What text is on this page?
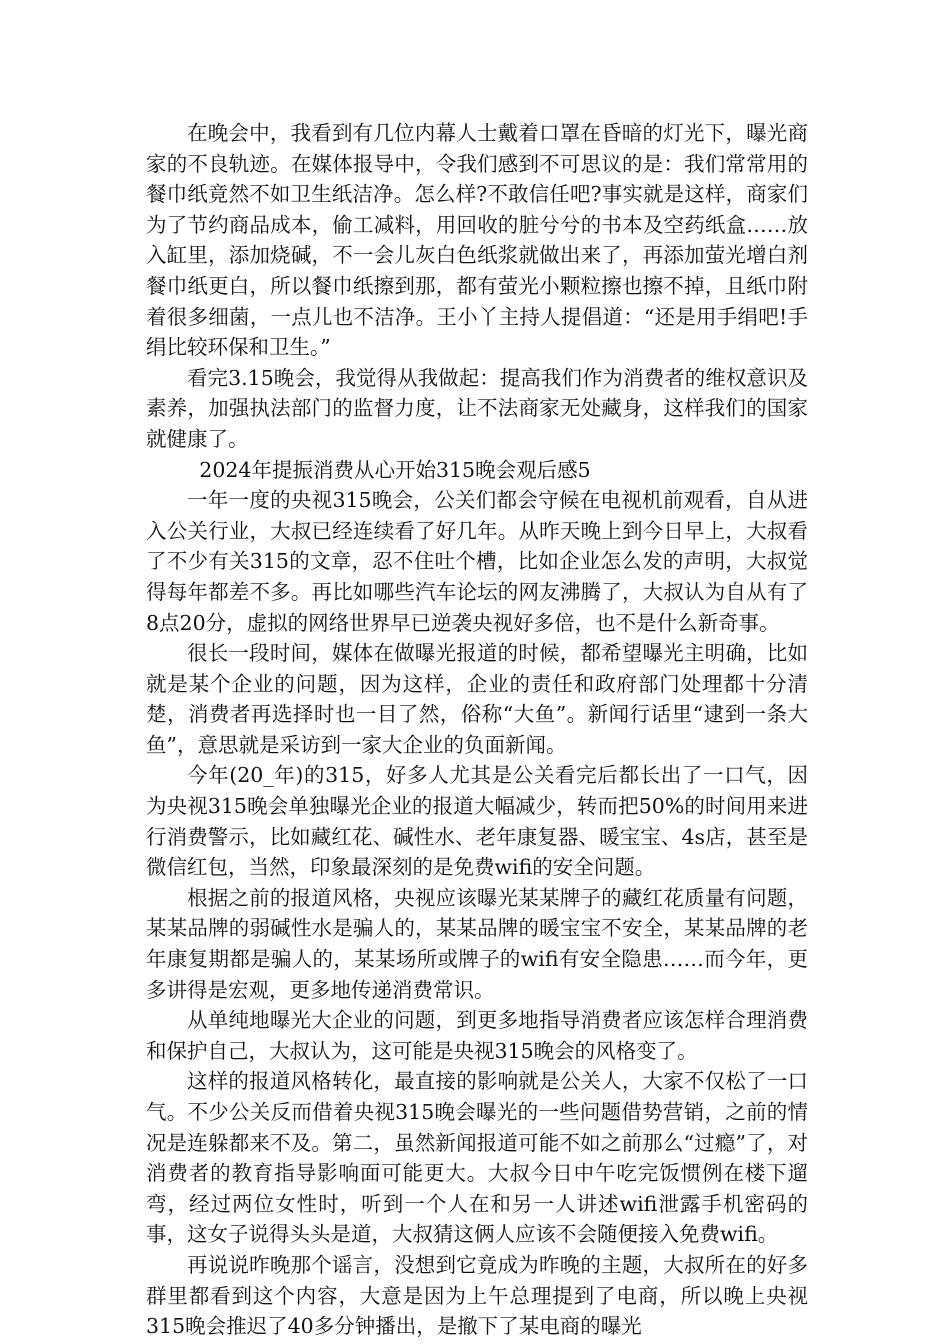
在晚会中，我看到有几位内幕人士戴着口罩在昏暗的灯光下，曝光商家的不良轨迹。在媒体报导中，令我们感到不可思议的是：我们常常用的餐巾纸竟然不如卫生纸洁净。怎么样?不敢信任吧?事实就是这样，商家们为了节约商品成本，偷工减料，用回收的脏兮兮的书本及空药纸盒……放入缸里，添加烧碱，不一会儿灰白色纸浆就做出来了，再添加萤光增白剂餐巾纸更白，所以餐巾纸擦到那，都有萤光小颗粒擦也擦不掉，且纸巾附着很多细菌，一点儿也不洁净。王小丫主持人提倡道：“还是用手绢吧!手绢比较环保和卫生。”

看完3.15晚会，我觉得从我做起：提高我们作为消费者的维权意识及素养，加强执法部门的监督力度，让不法商家无处藏身，这样我们的国家就健康了。

2024年提振消费从心开始315晚会观后感5

一年一度的央视315晚会，公关们都会守候在电视机前观看，自从进入公关行业，大叔已经连续看了好几年。从昨天晚上到今日早上，大叔看了不少有关315的文章，忍不住吐个槽，比如企业怎么发的声明，大叔觉得每年都差不多。再比如哪些汽车论坛的网友沸腾了，大叔认为自从有了8点20分，虚拟的网络世界早已逆袭央视好多倍，也不是什么新奇事。

很长一段时间，媒体在做曝光报道的时候，都希望曝光主明确，比如就是某个企业的问题，因为这样，企业的责任和政府部门处理都十分清楚，消费者再选择时也一目了然，俗称“大鱼”。新闻行话里“逮到一条大鱼”，意思就是采访到一家大企业的负面新闻。

今年(20_年)的315，好多人尤其是公关看完后都长出了一口气，因为央视315晚会单独曝光企业的报道大幅减少，转而把50%的时间用来进行消费警示，比如藏红花、碱性水、老年康复器、暖宝宝、4s店，甚至是微信红包，当然，印象最深刻的是免费wifi的安全问题。

根据之前的报道风格，央视应该曝光某某牌子的藏红花质量有问题，某某品牌的弱碱性水是骗人的，某某品牌的暖宝宝不安全，某某品牌的老年康复期都是骗人的，某某场所或牌子的wifi有安全隐患……而今年，更多讲得是宏观，更多地传递消费常识。

从单纯地曝光大企业的问题，到更多地指导消费者应该怎样合理消费和保护自己，大叔认为，这可能是央视315晚会的风格变了。

这样的报道风格转化，最直接的影响就是公关人，大家不仅松了一口气。不少公关反而借着央视315晚会曝光的一些问题借势营销，之前的情况是连躲都来不及。第二，虽然新闻报道可能不如之前那么“过瘾”了，对消费者的教育指导影响面可能更大。大叔今日中午吃完饭惯例在楼下遛弯，经过两位女性时，听到一个人在和另一人讲述wifi泄露手机密码的事，这女子说得头头是道，大叔猜这俩人应该不会随便接入免费wifi。

再说说昨晚那个谣言，没想到它竟成为昨晚的主题，大叔所在的好多群里都看到这个内容，大意是因为上午总理提到了电商，所以晚上央视315晚会推迟了40多分钟播出，是撤下了某电商的曝光
